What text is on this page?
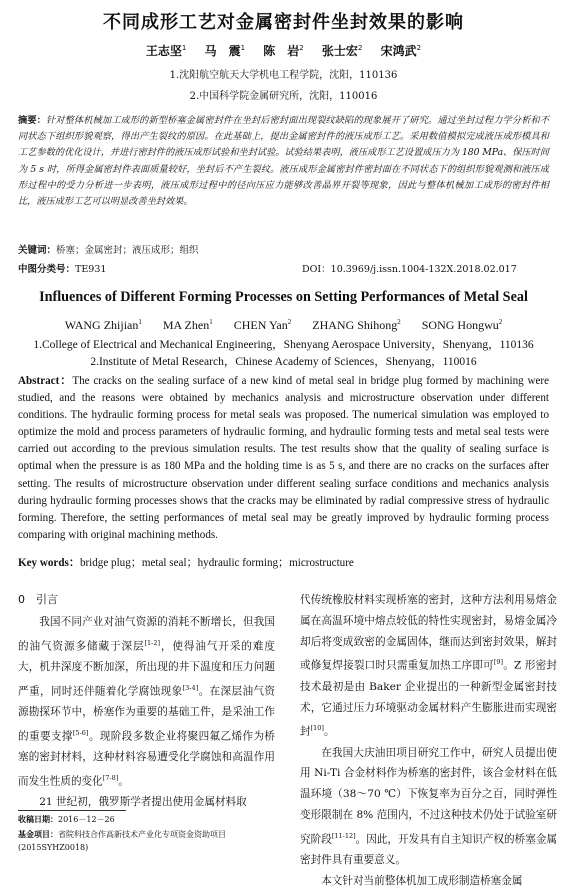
不同成形工艺对金属密封件坐封效果的影响
王志坚$^1$ 马　震$^1$ 陈　岩$^2$ 张士宏$^2$ 宋鸿武$^2$
1.沈阳航空航天大学机电工程学院，沈阳，110136
2.中国科学院金属研究所，沈阳，110016
摘要：针对整体机械加工成形的新型桥塞金属密封件在坐封后密封面出现裂纹缺陷的现象展开了研究。通过坐封过程力学分析和不同状态下组织形貌观察，得出产生裂纹的原因。在此基础上，提出金属密封件的液压成形工艺。采用数值模拟完成液压成形模具和工艺参数的优化设计，并进行密封件的液压成形试验和坐封试验。试验结果表明，液压成形工艺设置成压力为 180 MPa、保压时间为 5 s 时，所得金属密封件表面质量较好，坐封后不产生裂纹。液压成形金属密封件密封面在不同状态下的组织形貌观测和液压成形过程中的受力分析进一步表明，液压成形过程中的径向压应力能够改善晶界开裂等现象，因此与整体机械加工成形的密封件相比，液压成形工艺可以明显改善坐封效果。
关键词：桥塞；金属密封；液压成形；组织
中图分类号：TE931	DOI：10.3969/j.issn.1004-132X.2018.02.017
Influences of Different Forming Processes on Setting Performances of Metal Seal
WANG Zhijian$^1$ MA Zhen$^1$ CHEN Yan$^2$ ZHANG Shihong$^2$ SONG Hongwu$^2$
1.College of Electrical and Mechanical Engineering，Shenyang Aerospace University，Shenyang，110136
2.Institute of Metal Research，Chinese Academy of Sciences，Shenyang，110016
Abstract：The cracks on the sealing surface of a new kind of metal seal in bridge plug formed by machining were studied, and the reasons were obtained by mechanics analysis and microstructure observation under different conditions. The hydraulic forming process for metal seals was proposed. The numerical simulation was employed to optimize the mold and process parameters of hydraulic forming, and hydraulic forming tests and metal seal tests were carried out according to the previous simulation results. The test results show that the quality of sealing surface is optimal when the pressure is as 180 MPa and the holding time is as 5 s, and there are no cracks on the surfaces after setting. The results of microstructure observation under different sealing surface conditions and mechanics analysis during hydraulic forming processes shows that the cracks may be eliminated by radial compressive stress of hydraulic forming. Therefore, the setting performances of metal seal may be greatly improved by hydraulic forming process comparing with original machining methods.
Key words：bridge plug；metal seal；hydraulic forming；microstructure
0　引言

我国不同产业对油气资源的消耗不断增长，但我国的油气资源多储藏于深层[1-2]，使得油气开采的难度大，机井深度不断加深，所出现的井下温度和压力问题严重，同时还伴随着化学腐蚀现象[3-4]。在深层油气资源勘探环节中，桥塞作为重要的基础工件，是采油工作的重要支撑[5-6]。现阶段多数企业将聚四氟乙烯作为桥塞的密封材料，这种材料容易遭受化学腐蚀和高温作用而发生性质的变化[7-8]。

21 世纪初，俄罗斯学者提出使用金属材料取

收稿日期：2016－12－26
基金项目：省院科技合作高新技术产业化专项资金资助项目(2015SYHZ0018)

代传统橡胶材料实现桥塞的密封，这种方法利用易熔金属在高温环境中熔点较低的特性实现密封，易熔金属冷却后将变成致密的金属固体，继而达到密封效果，解封或修复焊接裂口时只需重复加热工序即可[9]。Z 形密封技术最初是由 Baker 企业提出的一种新型金属密封技术，它通过压力环境驱动金属材料产生膨胀进而实现密封[10]。

在我国大庆油田项目研究工作中，研究人员提出使用 Ni-Ti 合金材料作为桥塞的密封件，该合金材料在低温环境（38～70 ℃）下恢复率为百分之百，同时弹性变形限制在 8% 范围内，不过这种技术仍处于试验室研究阶段[11-12]。因此，开发具有自主知识产权的桥塞金属密封件具有重要意义。

本文针对当前整体机加工成形制造桥塞金属
